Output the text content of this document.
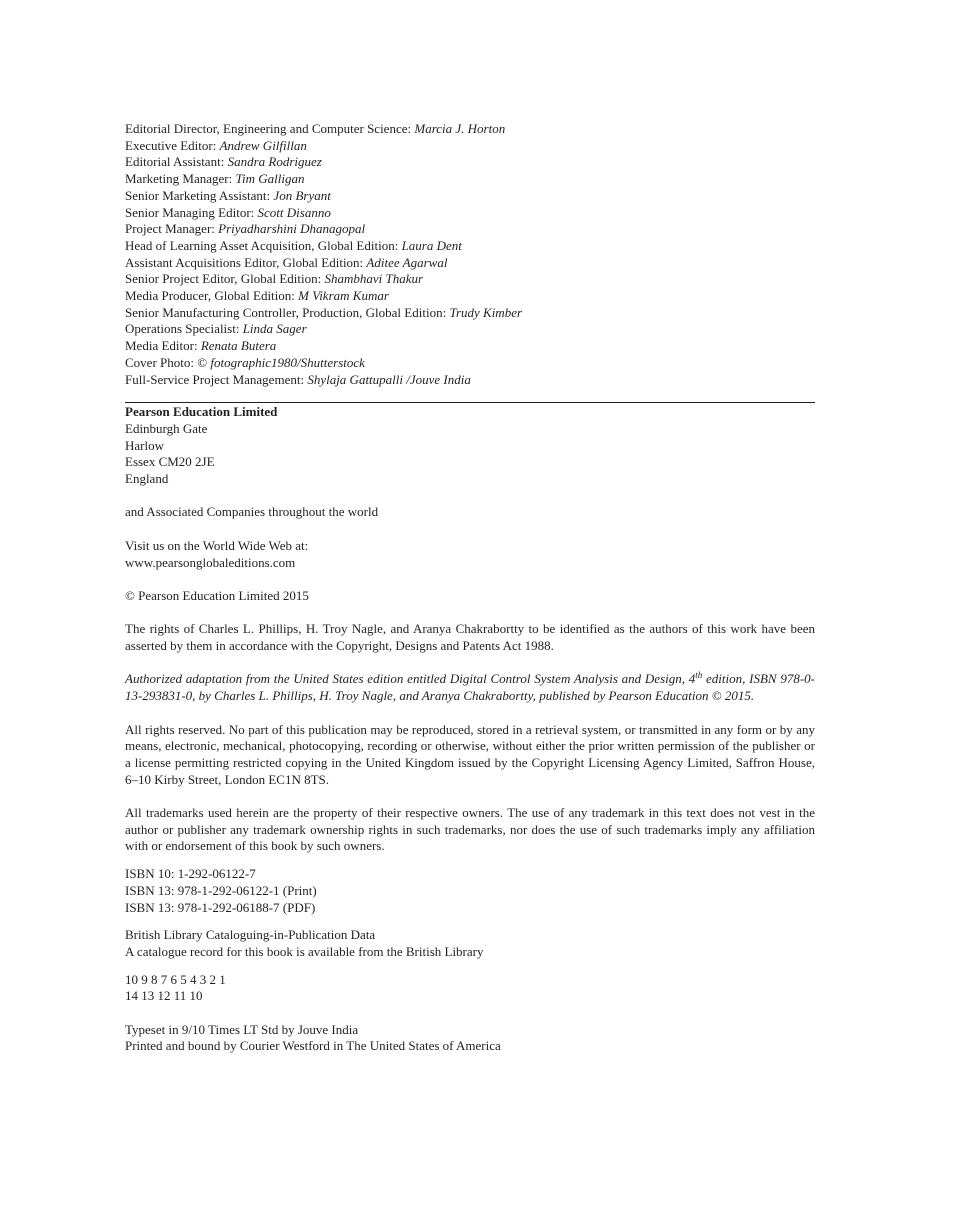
Editorial Director, Engineering and Computer Science: Marcia J. Horton
Executive Editor: Andrew Gilfillan
Editorial Assistant: Sandra Rodriguez
Marketing Manager: Tim Galligan
Senior Marketing Assistant: Jon Bryant
Senior Managing Editor: Scott Disanno
Project Manager: Priyadharshini Dhanagopal
Head of Learning Asset Acquisition, Global Edition: Laura Dent
Assistant Acquisitions Editor, Global Edition: Aditee Agarwal
Senior Project Editor, Global Edition: Shambhavi Thakur
Media Producer, Global Edition: M Vikram Kumar
Senior Manufacturing Controller, Production, Global Edition: Trudy Kimber
Operations Specialist: Linda Sager
Media Editor: Renata Butera
Cover Photo: © fotographic1980/Shutterstock
Full-Service Project Management: Shylaja Gattupalli /Jouve India
Pearson Education Limited
Edinburgh Gate
Harlow
Essex CM20 2JE
England

and Associated Companies throughout the world

Visit us on the World Wide Web at:
www.pearsonglobaleditions.com

© Pearson Education Limited 2015

The rights of Charles L. Phillips, H. Troy Nagle, and Aranya Chakrabortty to be identified as the authors of this work have been asserted by them in accordance with the Copyright, Designs and Patents Act 1988.

Authorized adaptation from the United States edition entitled Digital Control System Analysis and Design, 4th edition, ISBN 978-0-13-293831-0, by Charles L. Phillips, H. Troy Nagle, and Aranya Chakrabortty, published by Pearson Education © 2015.

All rights reserved. No part of this publication may be reproduced, stored in a retrieval system, or transmitted in any form or by any means, electronic, mechanical, photocopying, recording or otherwise, without either the prior written permission of the publisher or a license permitting restricted copying in the United Kingdom issued by the Copyright Licensing Agency Limited, Saffron House, 6–10 Kirby Street, London EC1N 8TS.

All trademarks used herein are the property of their respective owners. The use of any trademark in this text does not vest in the author or publisher any trademark ownership rights in such trademarks, nor does the use of such trademarks imply any affiliation with or endorsement of this book by such owners.

ISBN 10: 1-292-06122-7
ISBN 13: 978-1-292-06122-1 (Print)
ISBN 13: 978-1-292-06188-7 (PDF)
British Library Cataloguing-in-Publication Data
A catalogue record for this book is available from the British Library
10 9 8 7 6 5 4 3 2 1
14 13 12 11 10
Typeset in 9/10 Times LT Std by Jouve India
Printed and bound by Courier Westford in The United States of America
